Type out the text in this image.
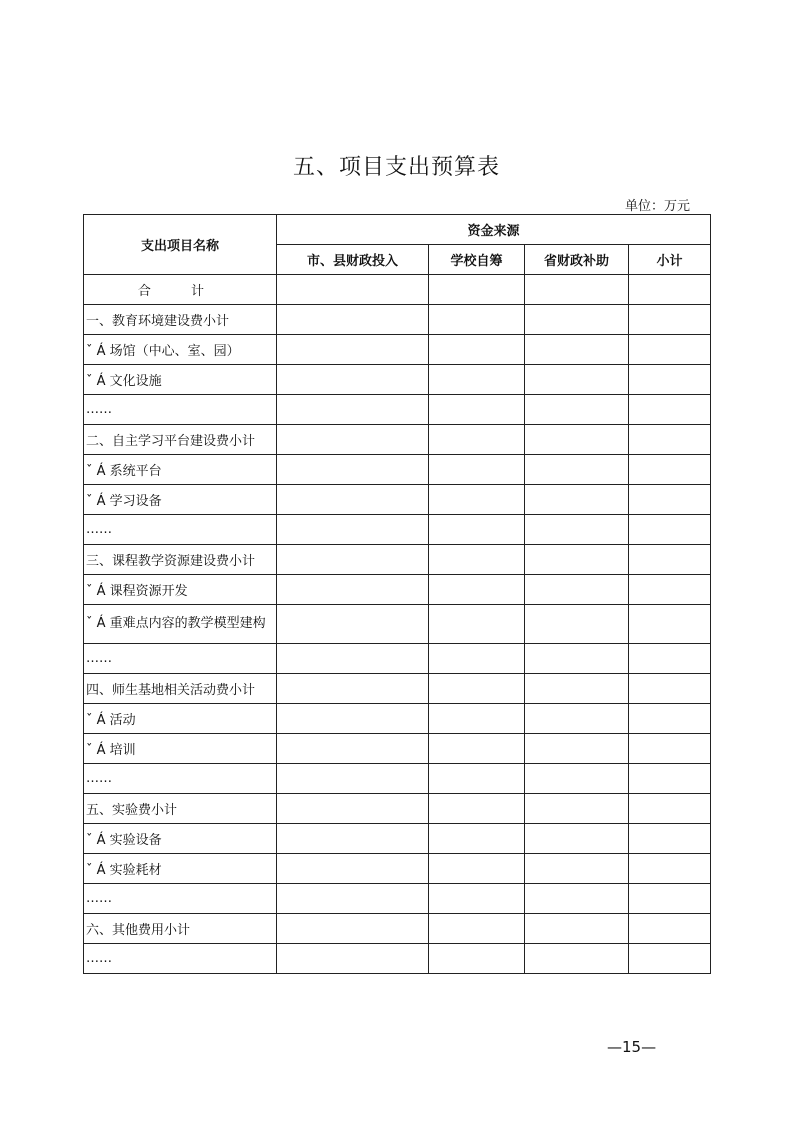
五、项目支出预算表
单位：万元
支出项目名称	资金来源			
	市、县财政投入	学校自筹	省财政补助	小计
合 计				
一、教育环境建设费小计				
ˇ Á 场馆（中心、室、园）				
ˇ Á 文化设施				
……				
二、自主学习平台建设费小计				
ˇ Á 系统平台				
ˇ Á 学习设备				
……				
三、课程教学资源建设费小计				
ˇ Á 课程资源开发				
ˇ Á 重难点内容的教学模型建构				
……				
四、师生基地相关活动费小计				
ˇ Á 活动				
ˇ Á 培训				
……				
五、实验费小计				
ˇ Á 实验设备				
ˇ Á 实验耗材				
……				
六、其他费用小计				
……				
—15—
